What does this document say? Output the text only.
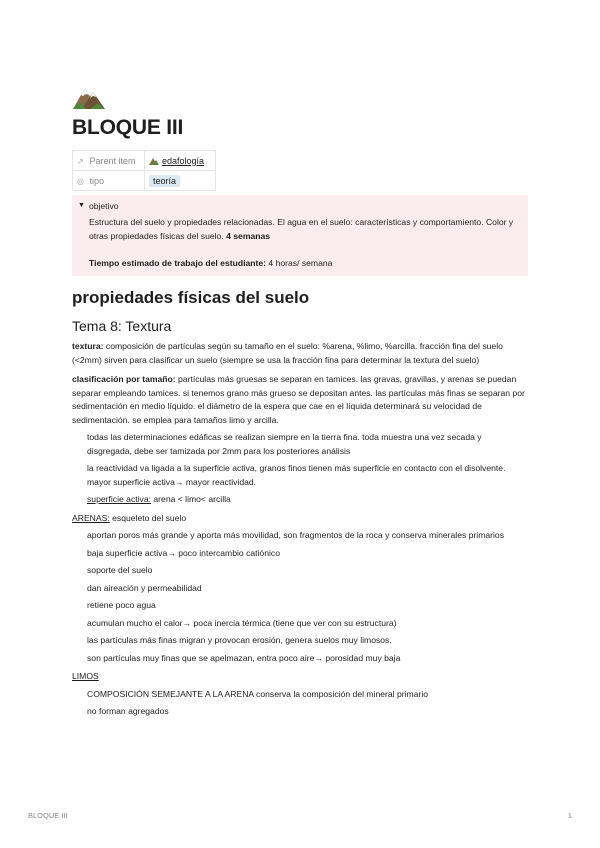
BLOQUE III
↗ Parent item	edafología
◎ tipo	teoría
▼ objetivo
Estructura del suelo y propiedades relacionadas. El agua en el suelo: características y comportamiento. Color y otras propiedades físicas del suelo. 4 semanas
Tiempo estimado de trabajo del estudiante: 4 horas/ semana
propiedades físicas del suelo
Tema 8: Textura
textura: composición de partículas según su tamaño en el suelo: %arena, %limo, %arcilla. fracción fina del suelo (<2mm) sirven para clasificar un suelo (siempre se usa la fracción fina para determinar la textura del suelo)
clasificación por tamaño: partículas más gruesas se separan en tamices. las gravas, gravillas, y arenas se puedan separar empleando tamices. si tenemos grano más grueso se depositan antes. las partículas más finas se separan por sedimentación en medio líquido. el diámetro de la espera que cae en el líquida determinará su velocidad de sedimentación. se emplea para tamaños limo y arcilla.
todas las determinaciones edáficas se realizan siempre en la tierra fina. toda muestra una vez secada y disgregada, debe ser tamizada por 2mm para los posteriores análisis
la reactividad va ligada a la superficie activa, granos finos tienen más superficie en contacto con el disolvente. mayor superficie activa→ mayor reactividad.
superficie activa: arena < limo< arcilla
ARENAS: esqueleto del suelo
aportan poros más grande y aporta más movilidad, son fragmentos de la roca y conserva minerales primarios
baja superficie activa→ poco intercambio catiónico
soporte del suelo
dan aireación y permeabilidad
retiene poco agua
acumulan mucho el calor→ poca inercia térmica (tiene que ver con su estructura)
las partículas más finas migran y provocan erosión, genera suelos muy limosos.
son partículas muy finas que se apelmazan, entra poco aire→ porosidad muy baja
LIMOS
COMPOSICIÓN SEMEJANTE A LA ARENA conserva la composición del mineral primario
no forman agregados
BLOQUE III	1
